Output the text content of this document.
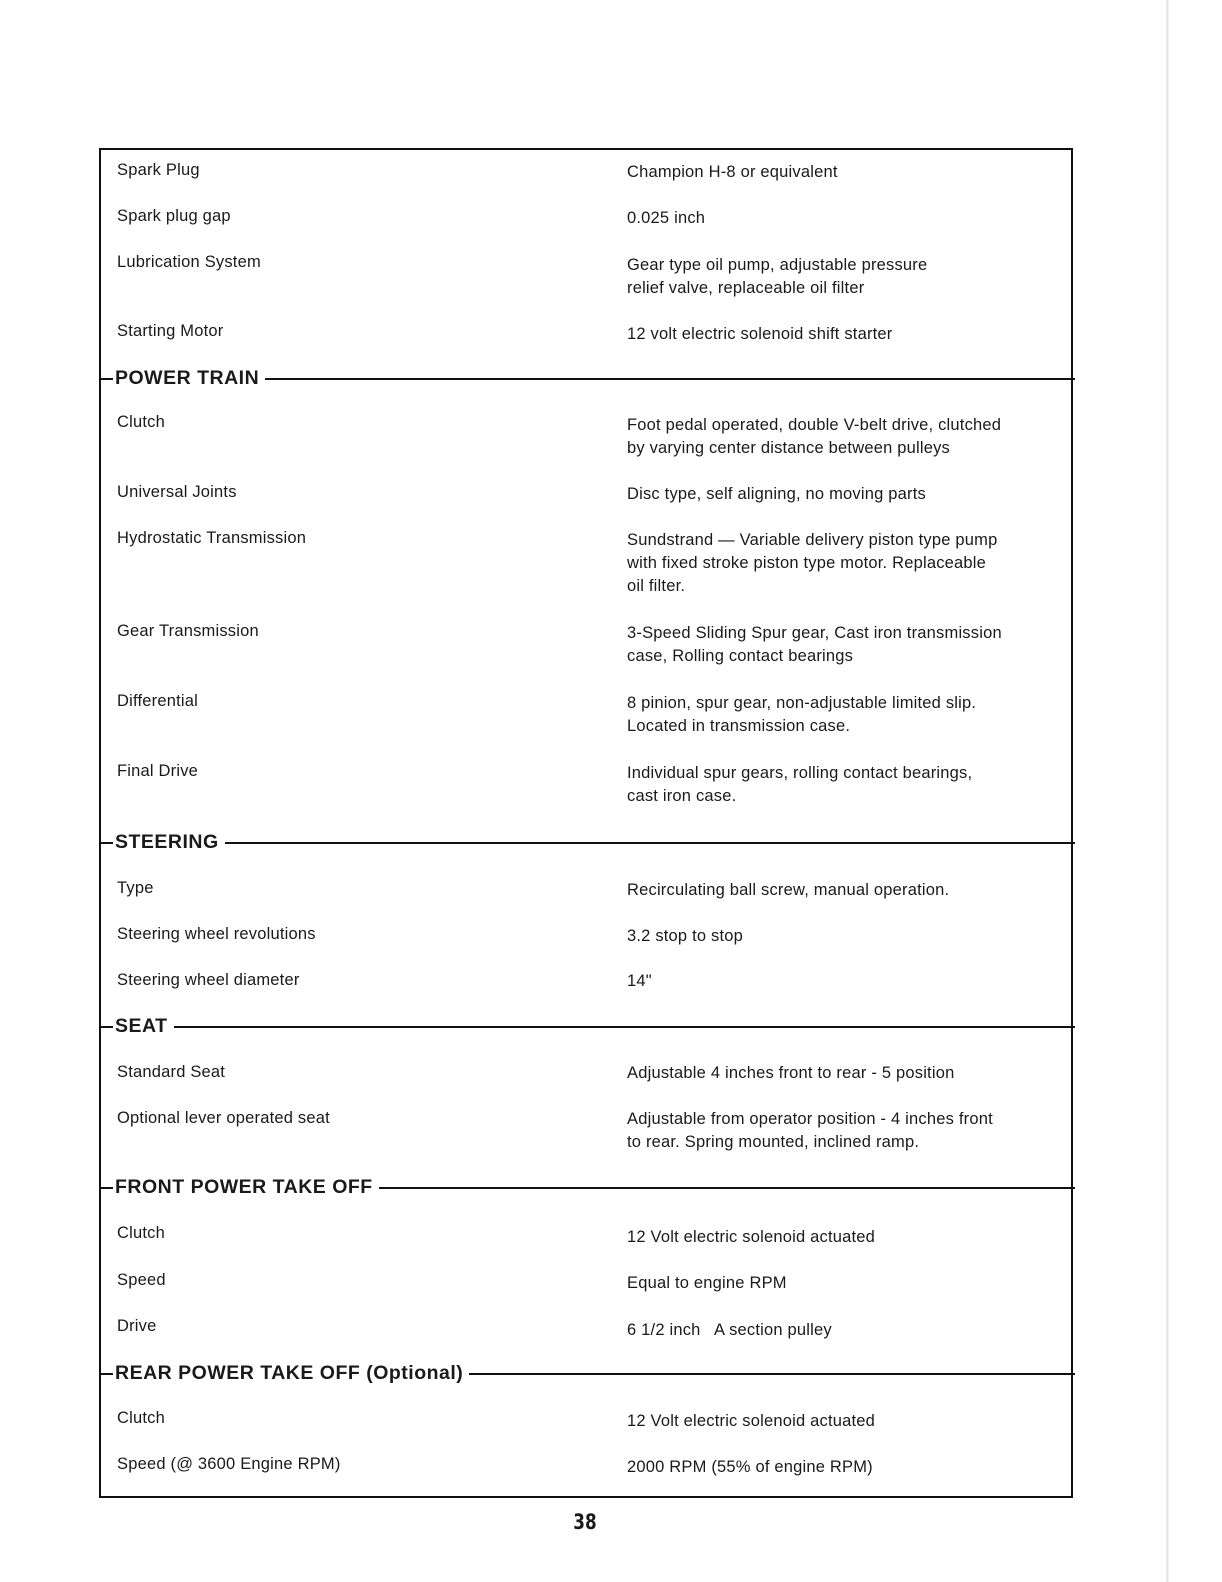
Spark Plug	Champion H-8 or equivalent
Spark plug gap	0.025 inch
Lubrication System	Gear type oil pump, adjustable pressure
relief valve, replaceable oil filter
Starting Motor	12 volt electric solenoid shift starter
POWER TRAIN
Clutch	Foot pedal operated, double V-belt drive, clutched
by varying center distance between pulleys
Universal Joints	Disc type, self aligning, no moving parts
Hydrostatic Transmission	Sundstrand — Variable delivery piston type pump
with fixed stroke piston type motor. Replaceable
oil filter.
Gear Transmission	3-Speed Sliding Spur gear, Cast iron transmission
case, Rolling contact bearings
Differential	8 pinion, spur gear, non-adjustable limited slip.
Located in transmission case.
Final Drive	Individual spur gears, rolling contact bearings,
cast iron case.
STEERING
Type	Recirculating ball screw, manual operation.
Steering wheel revolutions	3.2 stop to stop
Steering wheel diameter	14"
SEAT
Standard Seat	Adjustable 4 inches front to rear - 5 position
Optional lever operated seat	Adjustable from operator position - 4 inches front
to rear. Spring mounted, inclined ramp.
FRONT POWER TAKE OFF
Clutch	12 Volt electric solenoid actuated
Speed	Equal to engine RPM
Drive	6 1/2 inch   A section pulley
REAR POWER TAKE OFF (Optional)
Clutch	12 Volt electric solenoid actuated
Speed (@ 3600 Engine RPM)	2000 RPM (55% of engine RPM)
38
